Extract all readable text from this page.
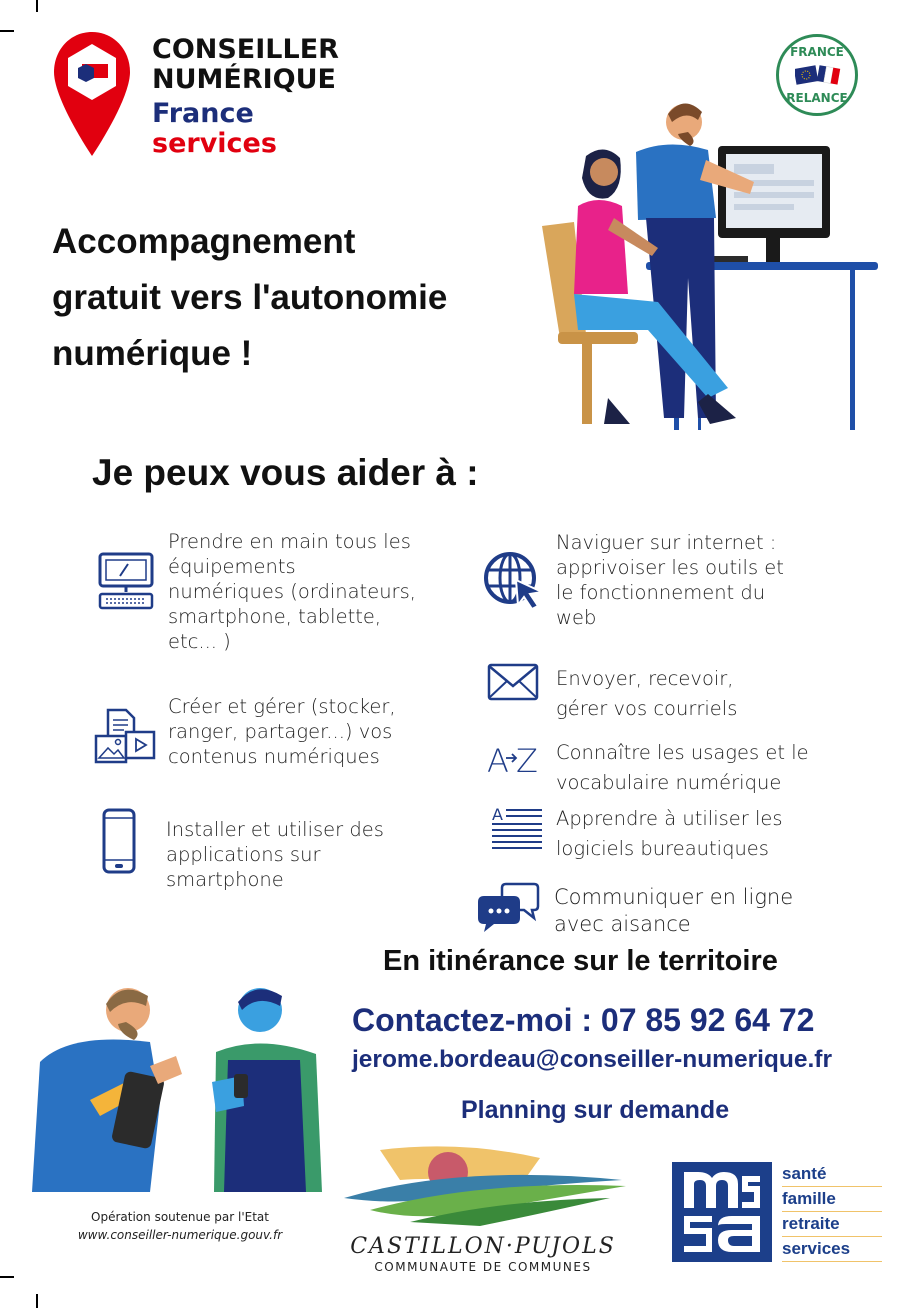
CONSEILLER
NUMÉRIQUE
France
services
FRANCE
RELANCE
Accompagnement
gratuit vers l'autonomie
numérique !
Je peux vous aider à :
Prendre en main tous les
équipements
numériques (ordinateurs,
smartphone, tablette,
etc... )
Créer et gérer (stocker,
ranger, partager...) vos
contenus numériques
Installer et utiliser des
applications sur
smartphone
Naviguer sur internet :
apprivoiser les outils et
le fonctionnement du
web
Envoyer, recevoir,
gérer vos courriels
A Z Connaître les usages et le
vocabulaire numérique
A	Apprendre à utiliser les
logiciels bureautiques
Communiquer en ligne
avec aisance
En itinérance sur le territoire
Contactez-moi : 07 85 92 64 72
jerome.bordeau@conseiller-numerique.fr
Planning sur demande
Opération soutenue par l'Etat
www.conseiller-numerique.gouv.fr	CASTILLON·PUJOLS
COMMUNAUTE DE COMMUNES
santé
famille
retraite
services
